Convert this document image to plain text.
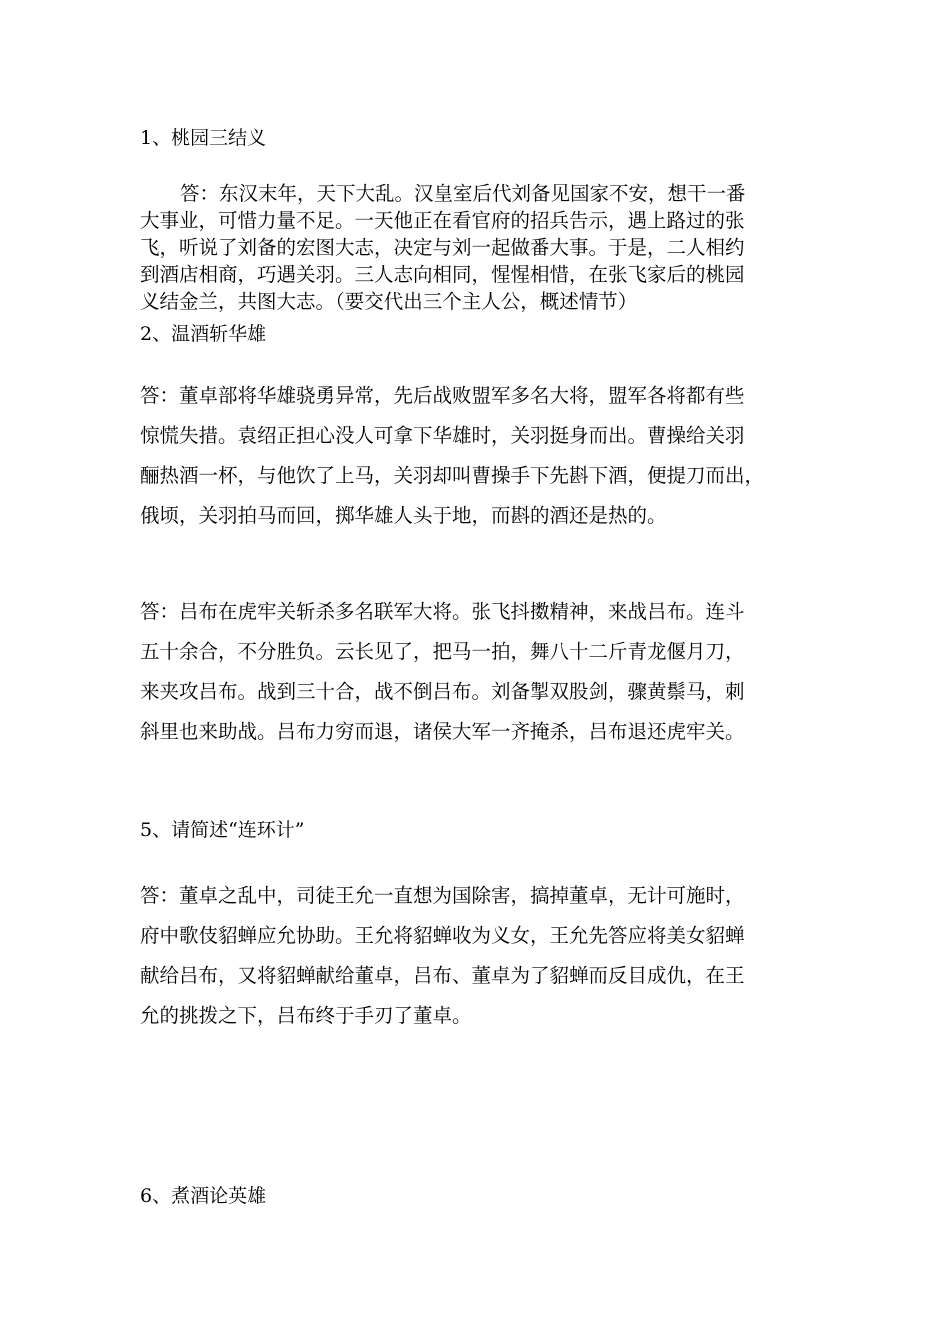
1、桃园三结义
答：东汉末年，天下大乱。汉皇室后代刘备见国家不安，想干一番
大事业，可惜力量不足。一天他正在看官府的招兵告示，遇上路过的张
飞，听说了刘备的宏图大志，决定与刘一起做番大事。于是，二人相约
到酒店相商，巧遇关羽。三人志向相同，惺惺相惜，在张飞家后的桃园
义结金兰，共图大志。（要交代出三个主人公，概述情节）
2、温酒斩华雄
答：董卓部将华雄骁勇异常，先后战败盟军多名大将，盟军各将都有些
惊慌失措。袁绍正担心没人可拿下华雄时，关羽挺身而出。曹操给关羽
酾热酒一杯，与他饮了上马，关羽却叫曹操手下先斟下酒，便提刀而出，
俄顷，关羽拍马而回，掷华雄人头于地，而斟的酒还是热的。
答：吕布在虎牢关斩杀多名联军大将。张飞抖擞精神，来战吕布。连斗
五十余合，不分胜负。云长见了，把马一拍，舞八十二斤青龙偃月刀，
来夹攻吕布。战到三十合，战不倒吕布。刘备掣双股剑，骤黄鬃马，刺
斜里也来助战。吕布力穷而退，诸侯大军一齐掩杀，吕布退还虎牢关。
5、请简述“连环计”
答：董卓之乱中，司徒王允一直想为国除害，搞掉董卓，无计可施时，
府中歌伎貂蝉应允协助。王允将貂蝉收为义女，王允先答应将美女貂蝉
献给吕布，又将貂蝉献给董卓，吕布、董卓为了貂蝉而反目成仇，在王
允的挑拨之下，吕布终于手刃了董卓。
6、煮酒论英雄
